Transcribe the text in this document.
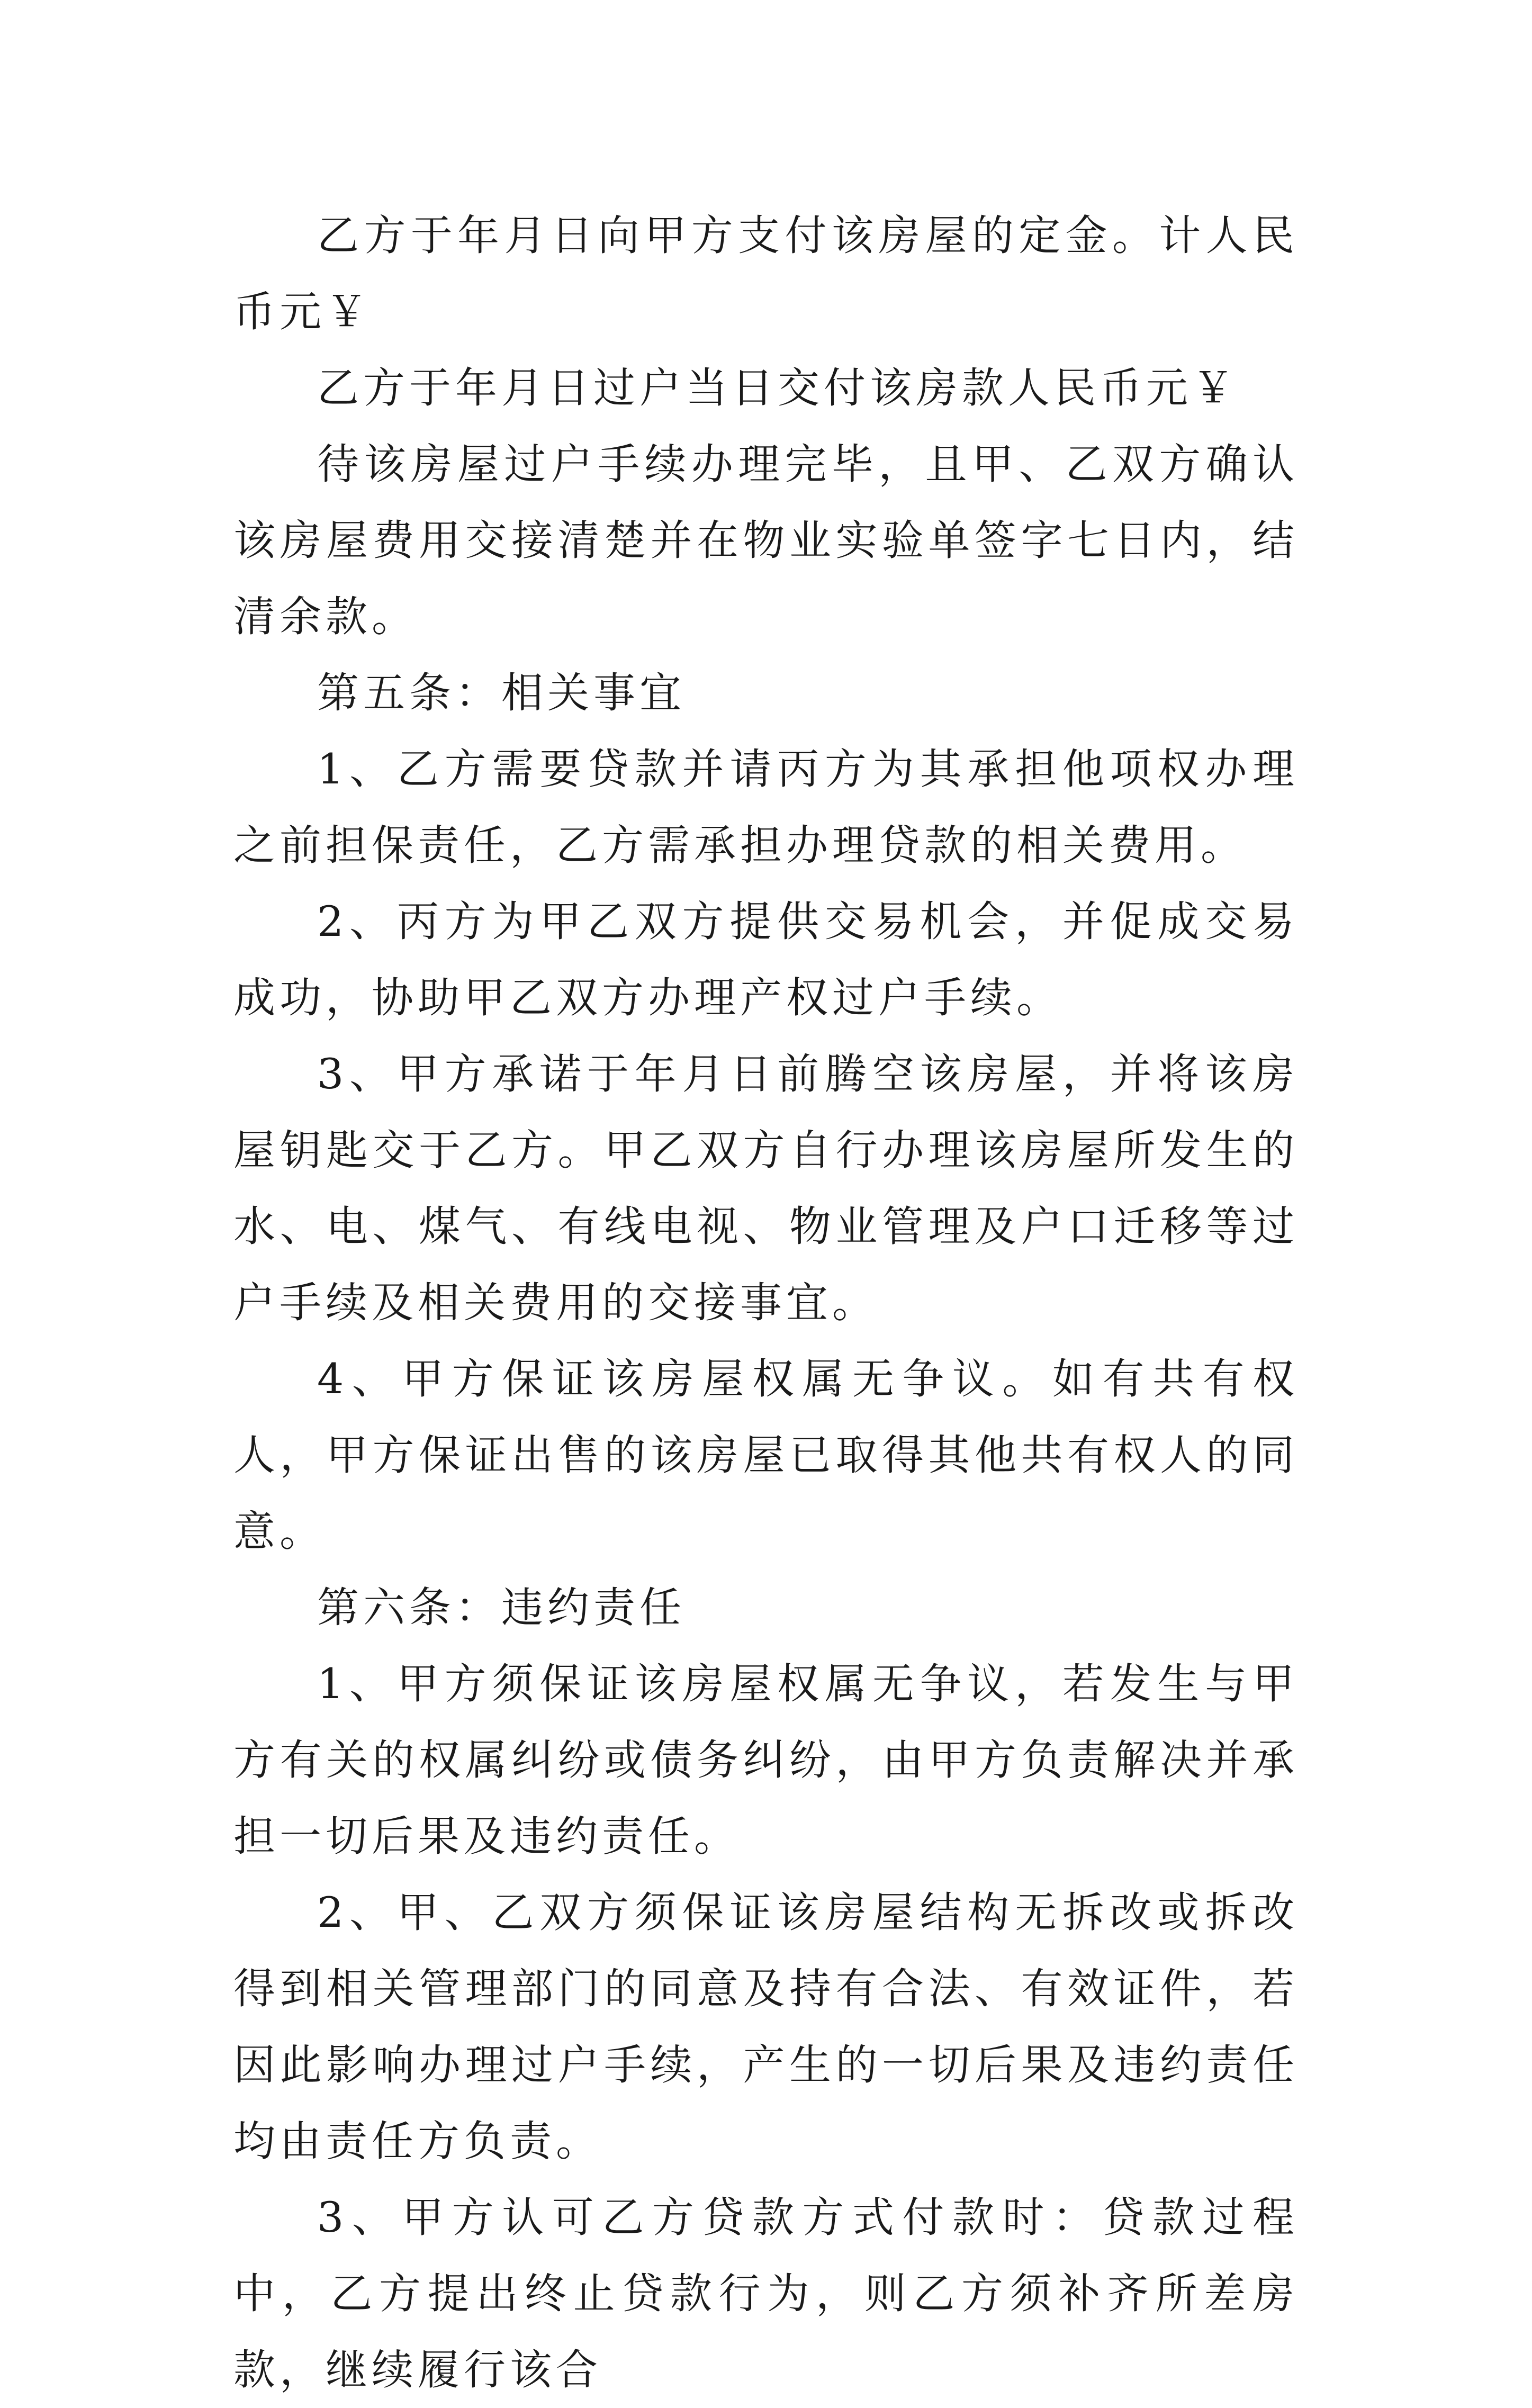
乙方于年月日向甲方支付该房屋的定金。计人民币元￥

乙方于年月日过户当日交付该房款人民币元￥

待该房屋过户手续办理完毕，且甲、乙双方确认该房屋费用交接清楚并在物业实验单签字七日内，结清余款。

第五条：相关事宜

1、乙方需要贷款并请丙方为其承担他项权办理之前担保责任，乙方需承担办理贷款的相关费用。

2、丙方为甲乙双方提供交易机会，并促成交易成功，协助甲乙双方办理产权过户手续。

3、甲方承诺于年月日前腾空该房屋，并将该房屋钥匙交于乙方。甲乙双方自行办理该房屋所发生的水、电、煤气、有线电视、物业管理及户口迁移等过户手续及相关费用的交接事宜。

4、甲方保证该房屋权属无争议。如有共有权人，甲方保证出售的该房屋已取得其他共有权人的同意。

第六条：违约责任

1、甲方须保证该房屋权属无争议，若发生与甲方有关的权属纠纷或债务纠纷，由甲方负责解决并承担一切后果及违约责任。

2、甲、乙双方须保证该房屋结构无拆改或拆改得到相关管理部门的同意及持有合法、有效证件，若因此影响办理过户手续，产生的一切后果及违约责任均由责任方负责。

3、甲方认可乙方贷款方式付款时：贷款过程中，乙方提出终止贷款行为，则乙方须补齐所差房款，继续履行该合
